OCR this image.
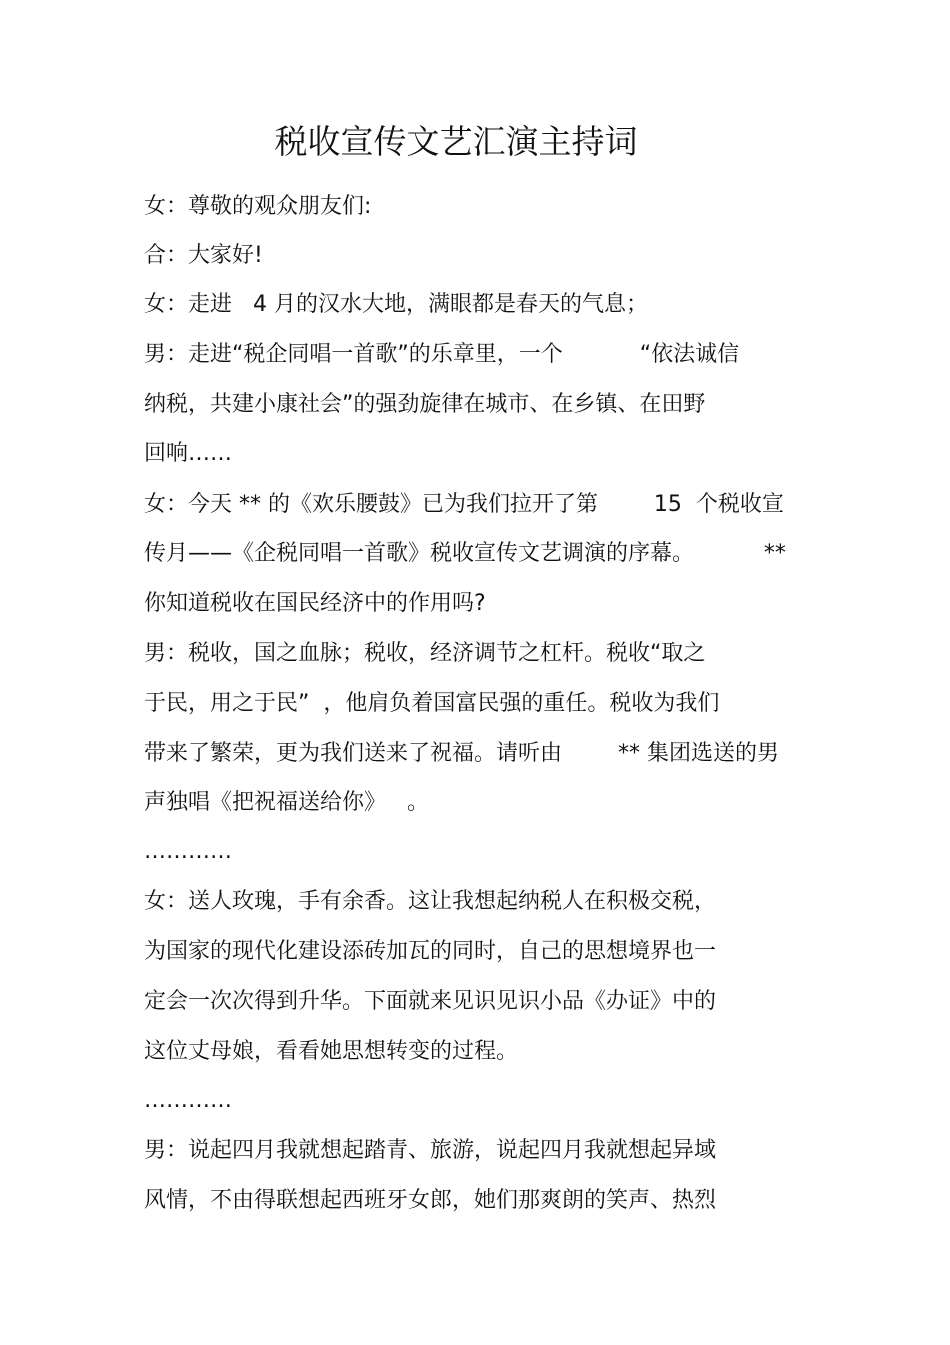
税收宣传文艺汇演主持词
女：尊敬的观众朋友们:
合：大家好!
女：走进   4 月的汉水大地，满眼都是春天的气息；
男：走进“税企同唱一首歌”的乐章里，一个           “依法诚信
纳税，共建小康社会”的强劲旋律在城市、在乡镇、在田野
回响……
女：今天 ** 的《欢乐腰鼓》已为我们拉开了第        15  个税收宣
传月——《企税同唱一首歌》税收宣传文艺调演的序幕。          **
你知道税收在国民经济中的作用吗?
男：税收，国之血脉；税收，经济调节之杠杆。税收“取之
于民，用之于民”  ，他肩负着国富民强的重任。税收为我们
带来了繁荣，更为我们送来了祝福。请听由        ** 集团选送的男
声独唱《把祝福送给你》   。
…………
女：送人玫瑰，手有余香。这让我想起纳税人在积极交税，
为国家的现代化建设添砖加瓦的同时，自己的思想境界也一
定会一次次得到升华。下面就来见识见识小品《办证》中的
这位丈母娘，看看她思想转变的过程。
…………
男：说起四月我就想起踏青、旅游，说起四月我就想起异域
风情，不由得联想起西班牙女郎，她们那爽朗的笑声、热烈
